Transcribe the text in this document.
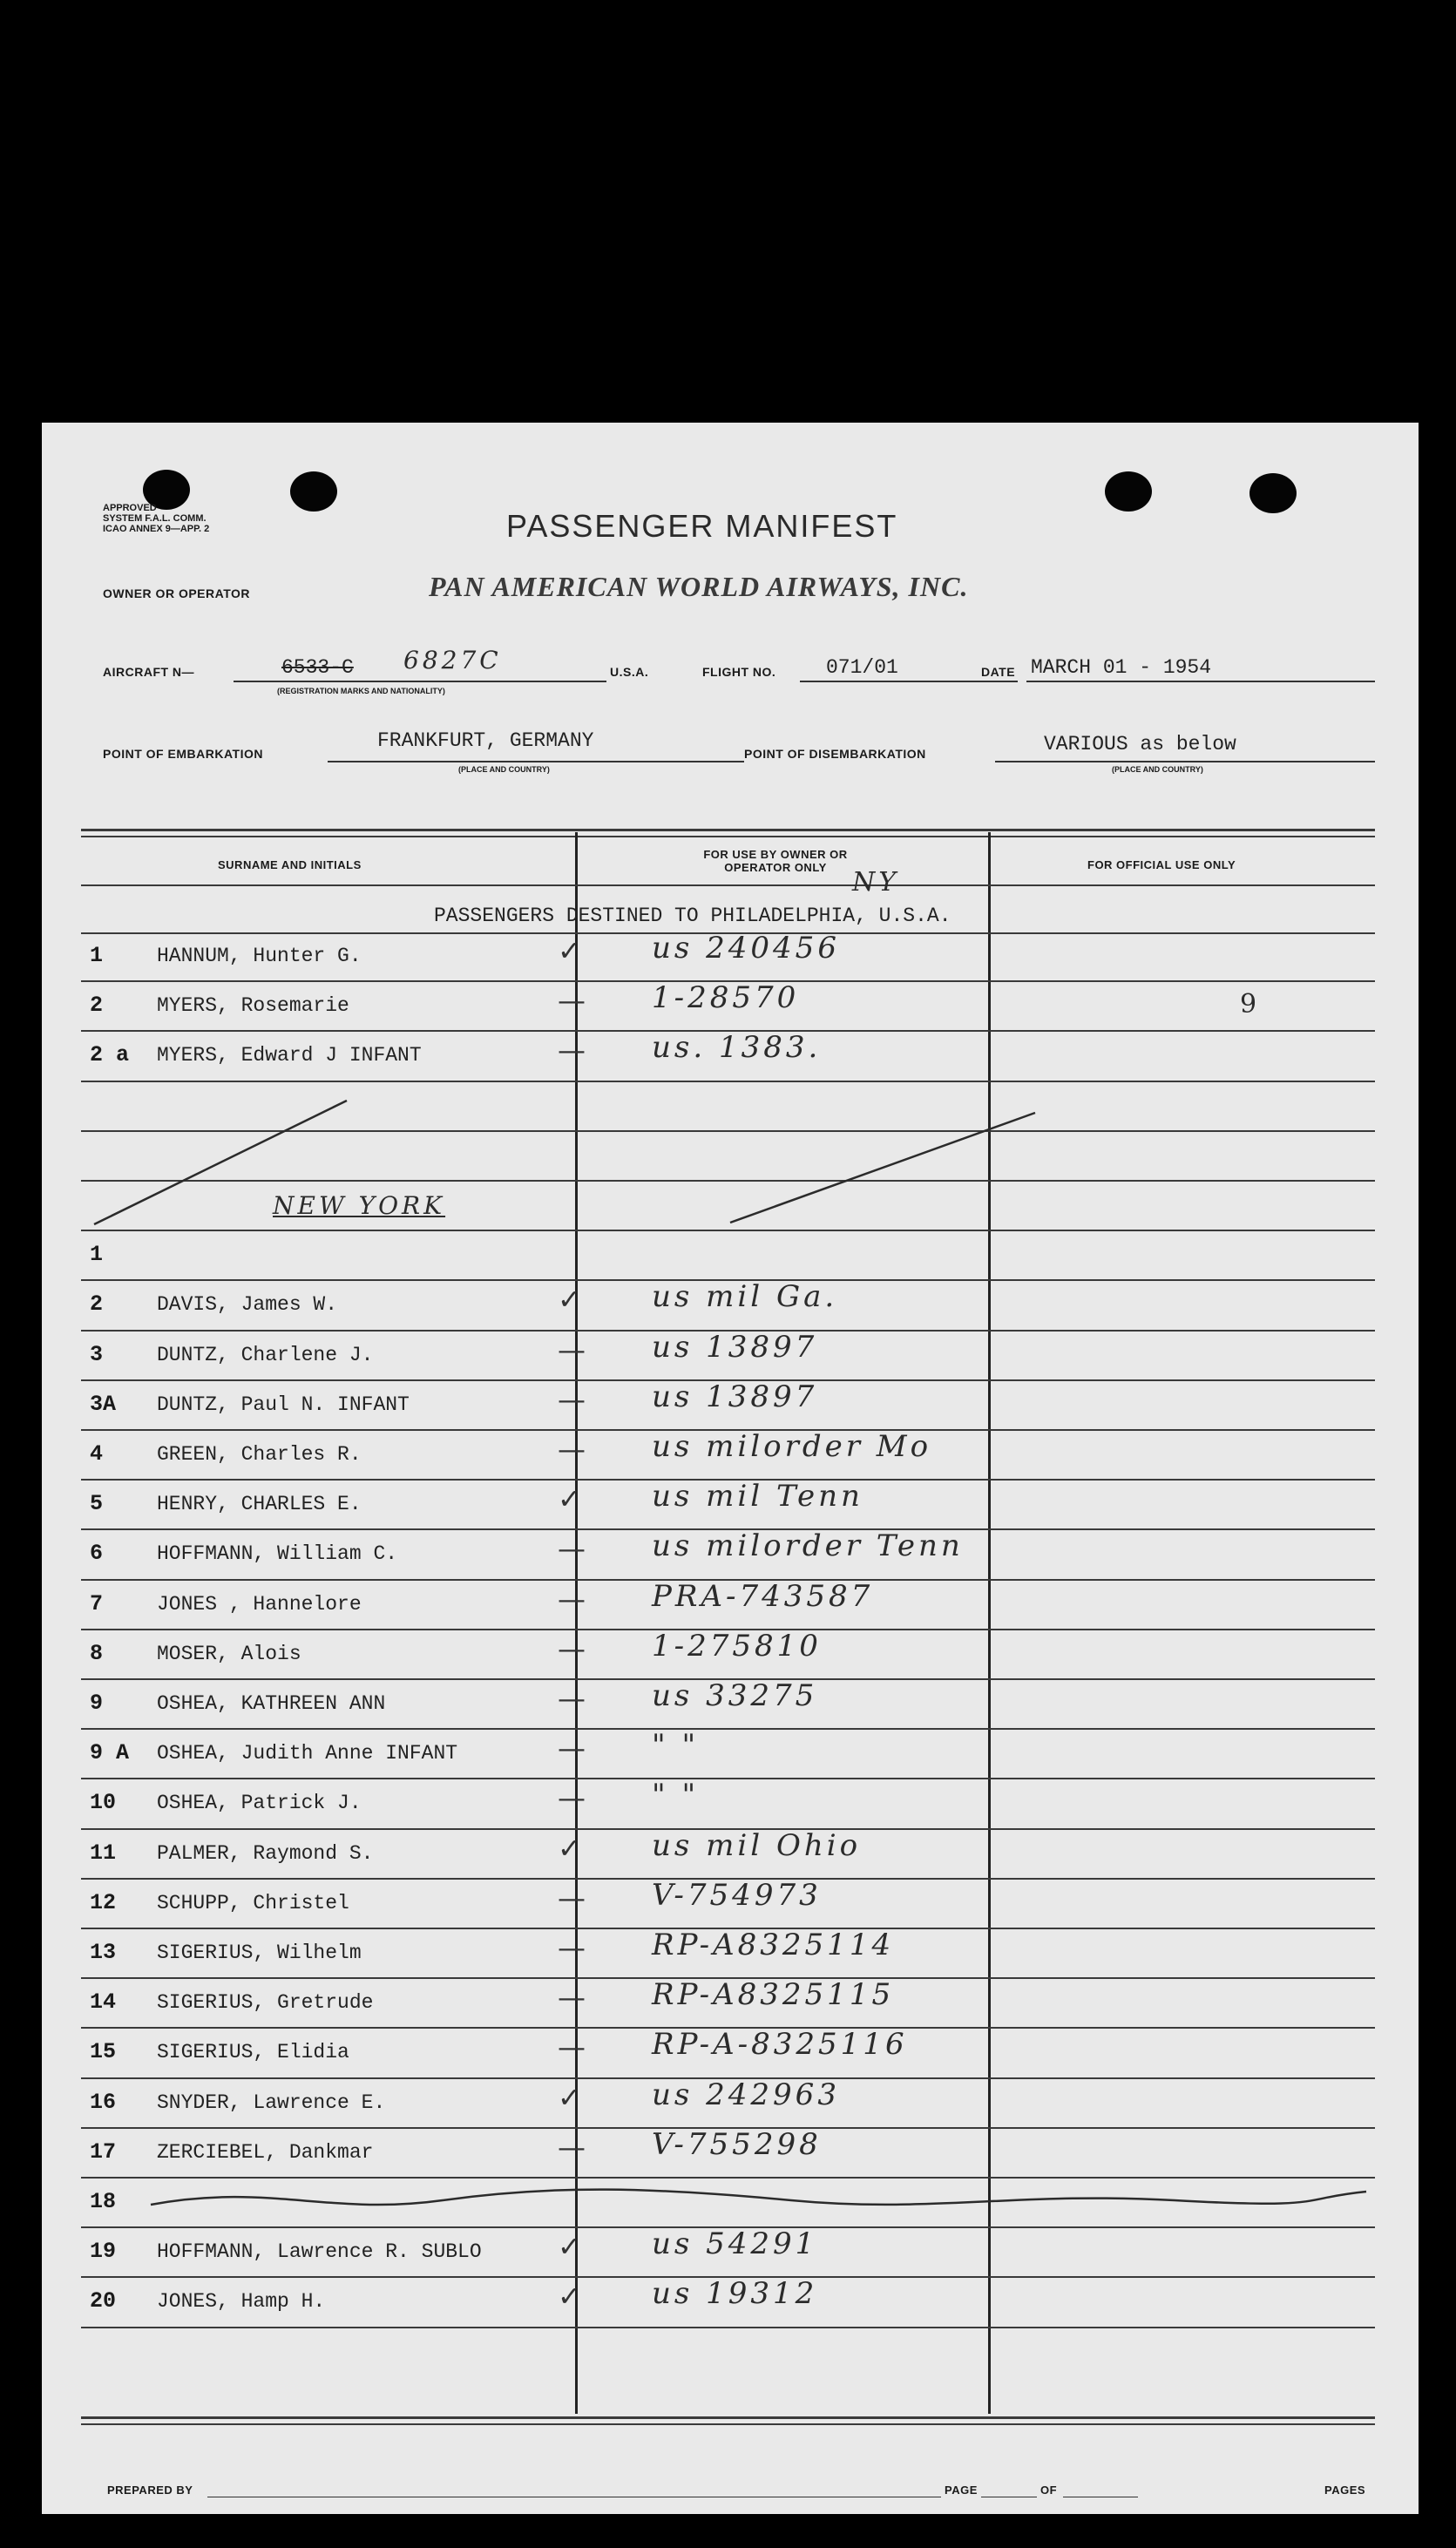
APPROVED
SYSTEM F.A.L. COMM.
ICAO ANNEX 9—APP. 2	PASSENGER MANIFEST
OWNER OR OPERATOR	PAN AMERICAN WORLD AIRWAYS, INC.
AIRCRAFT N—	6533-C 6827C
(REGISTRATION MARKS AND NATIONALITY)
U.S.A.	FLIGHT NO.	071/01	DATE MARCH 01 - 1954
POINT OF EMBARKATION
FRANKFURT, GERMANY
(PLACE AND COUNTRY)
POINT OF DISEMBARKATION	VARIOUS as below
(PLACE AND COUNTRY)
SURNAME AND INITIALS
FOR USE BY OWNER OR OPERATOR ONLY	FOR OFFICIAL USE ONLY
PASSENGERS DESTINED TO PHILADELPHIA, U.S.A.
NY
9
1	HANNUM, Hunter G.	✓ us 240456
2	MYERS, Rosemarie	— 1-28570
2 a MYERS, Edward J INFANT	— us. 1383.
1
2	DAVIS, James W.	✓ us mil Ga.
3	DUNTZ, Charlene J.	— us 13897
3A DUNTZ, Paul N. INFANT	— us 13897
4	GREEN, Charles R.	— us milorder Mo
5	HENRY, CHARLES E.	✓ us mil Tenn
6	HOFFMANN, William C.	— us milorder Tenn
7	JONES , Hannelore	— PRA-743587
8	MOSER, Alois	— 1-275810
9	OSHEA, KATHREEN ANN	— us 33275
9 A OSHEA, Judith Anne INFANT	— " "
10 OSHEA, Patrick J.	— " "
11 PALMER, Raymond S.	✓ us mil Ohio
12 SCHUPP, Christel	— V-754973
13 SIGERIUS, Wilhelm	— RP-A8325114
14 SIGERIUS, Gretrude	— RP-A8325115
15 SIGERIUS, Elidia	— RP-A-8325116
16 SNYDER, Lawrence E.	✓ us 242963
17 ZERCIEBEL, Dankmar	— V-755298
18
19 HOFFMANN, Lawrence R. SUBLO	✓ us 54291
20 JONES, Hamp H.	✓ us 19312
NEW YORK
PREPARED BY	PAGE	OF	PAGES
